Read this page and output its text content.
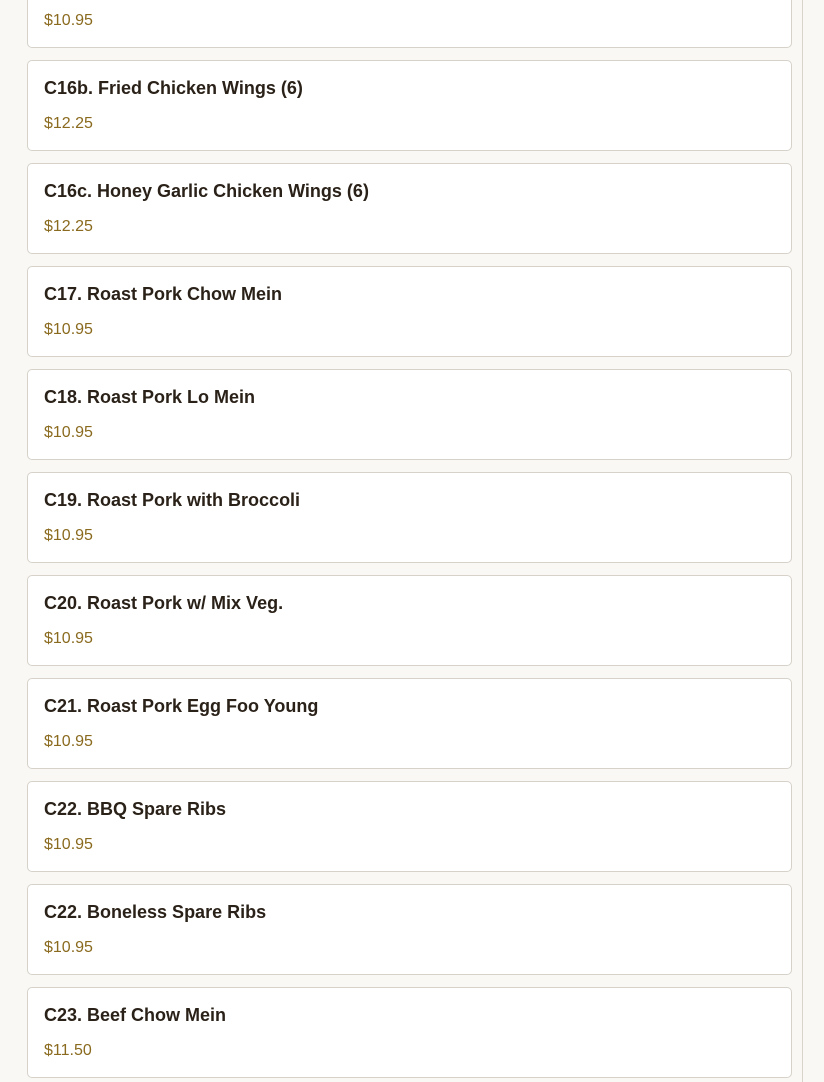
$10.95
C16b. Fried Chicken Wings (6)
$12.25
C16c. Honey Garlic Chicken Wings (6)
$12.25
C17. Roast Pork Chow Mein
$10.95
C18. Roast Pork Lo Mein
$10.95
C19. Roast Pork with Broccoli
$10.95
C20. Roast Pork w/ Mix Veg.
$10.95
C21. Roast Pork Egg Foo Young
$10.95
C22. BBQ Spare Ribs
$10.95
C22. Boneless Spare Ribs
$10.95
C23. Beef Chow Mein
$11.50
